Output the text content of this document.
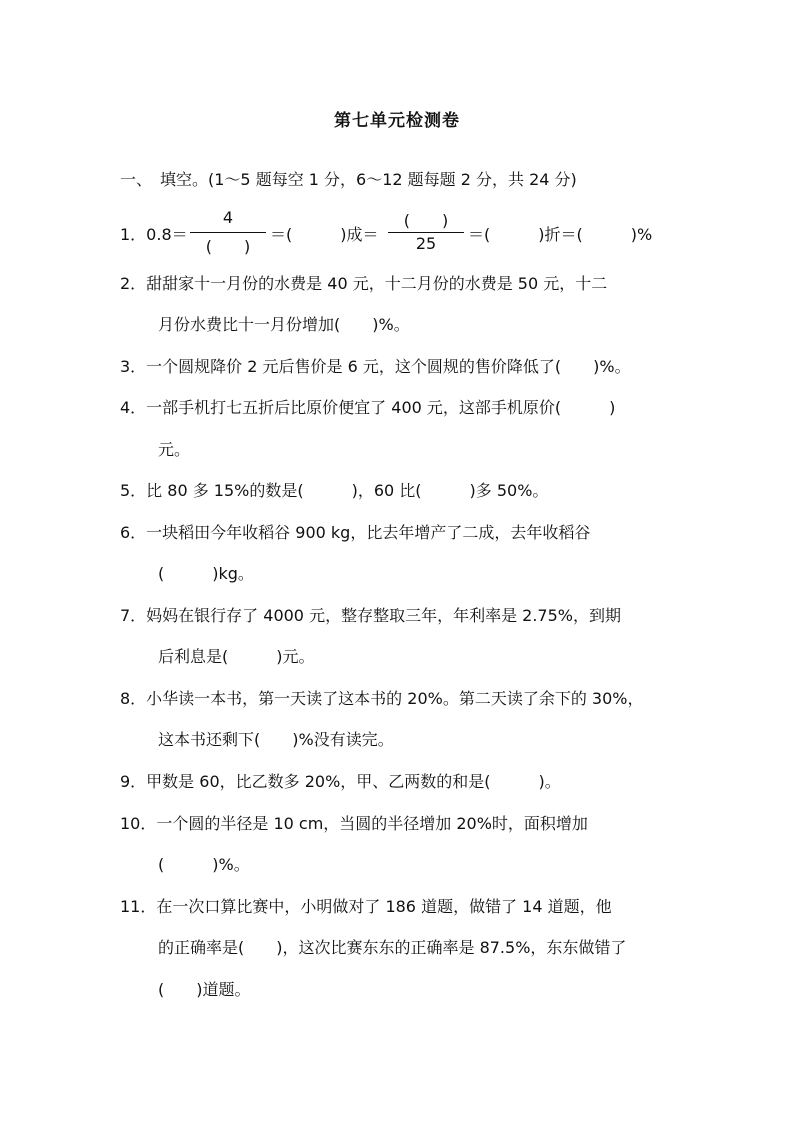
第七单元检测卷
一、　填空。(1～5 题每空 1 分，6～12 题每题 2 分，共 24 分)
1．0.8＝
4
(　　)
＝(　　　)成＝
(　　)
25	＝(　　　)折＝(　　　)%
2．甜甜家十一月份的水费是 40 元，十二月份的水费是 50 元，十二
月份水费比十一月份增加(　　)%。
3．一个圆规降价 2 元后售价是 6 元，这个圆规的售价降低了(　　)%。
4．一部手机打七五折后比原价便宜了 400 元，这部手机原价(　　　)
元。
5．比 80 多 15%的数是(　　　)，60 比(　　　)多 50%。
6．一块稻田今年收稻谷 900 kg，比去年增产了二成，去年收稻谷
(　　　)kg。
7．妈妈在银行存了 4000 元，整存整取三年，年利率是 2.75%，到期
后利息是(　　　)元。
8．小华读一本书，第一天读了这本书的 20%。第二天读了余下的 30%，
这本书还剩下(　　)%没有读完。
9．甲数是 60，比乙数多 20%，甲、乙两数的和是(　　　)。
10．一个圆的半径是 10 cm，当圆的半径增加 20%时，面积增加
(　　　)%。
11．在一次口算比赛中，小明做对了 186 道题，做错了 14 道题，他
的正确率是(　　)，这次比赛东东的正确率是 87.5%，东东做错了
(　　)道题。
